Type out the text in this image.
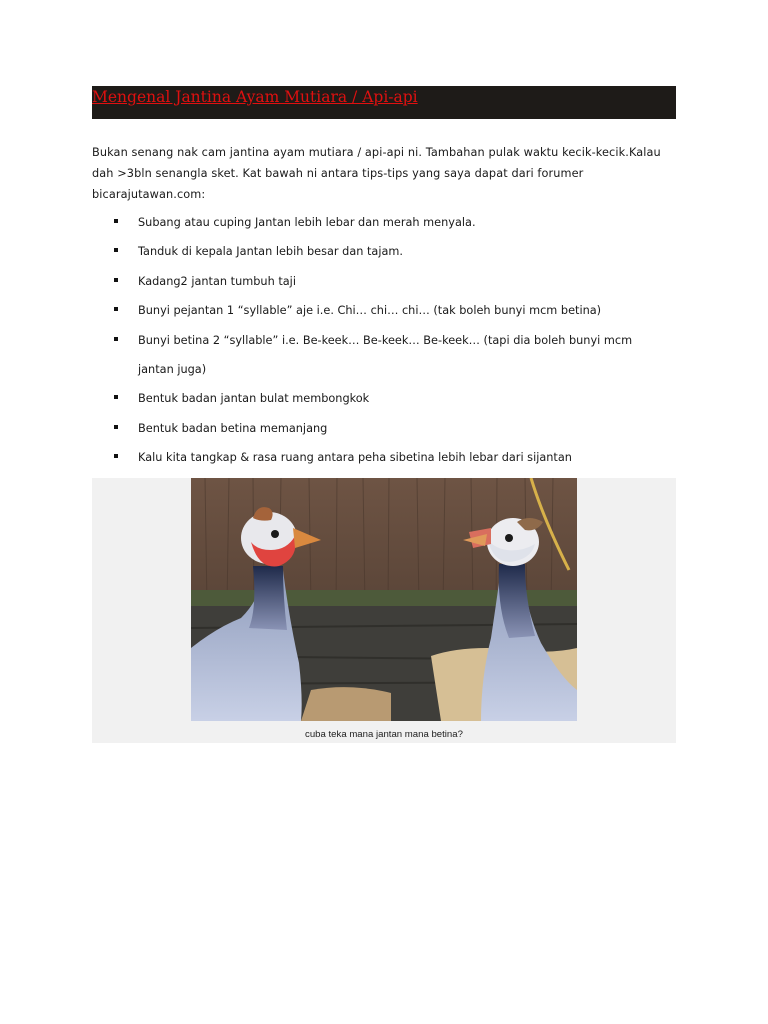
Mengenal Jantina Ayam Mutiara / Api-api

Bukan senang nak cam jantina ayam mutiara / api-api ni. Tambahan pulak waktu kecik-kecik.Kalau dah >3bln senangla sket. Kat bawah ni antara tips-tips yang saya dapat dari forumer bicarajutawan.com:

Subang atau cuping Jantan lebih lebar dan merah menyala.
Tanduk di kepala Jantan lebih besar dan tajam.
Kadang2 jantan tumbuh taji
Bunyi pejantan 1 “syllable” aje i.e. Chi… chi… chi… (tak boleh bunyi mcm betina)
Bunyi betina 2 “syllable” i.e. Be-keek… Be-keek… Be-keek… (tapi dia boleh bunyi mcm jantan juga)
Bentuk badan jantan bulat membongkok
Bentuk badan betina memanjang
Kalu kita tangkap & rasa ruang antara peha sibetina lebih lebar dari sijantan
cuba teka mana jantan mana betina?
